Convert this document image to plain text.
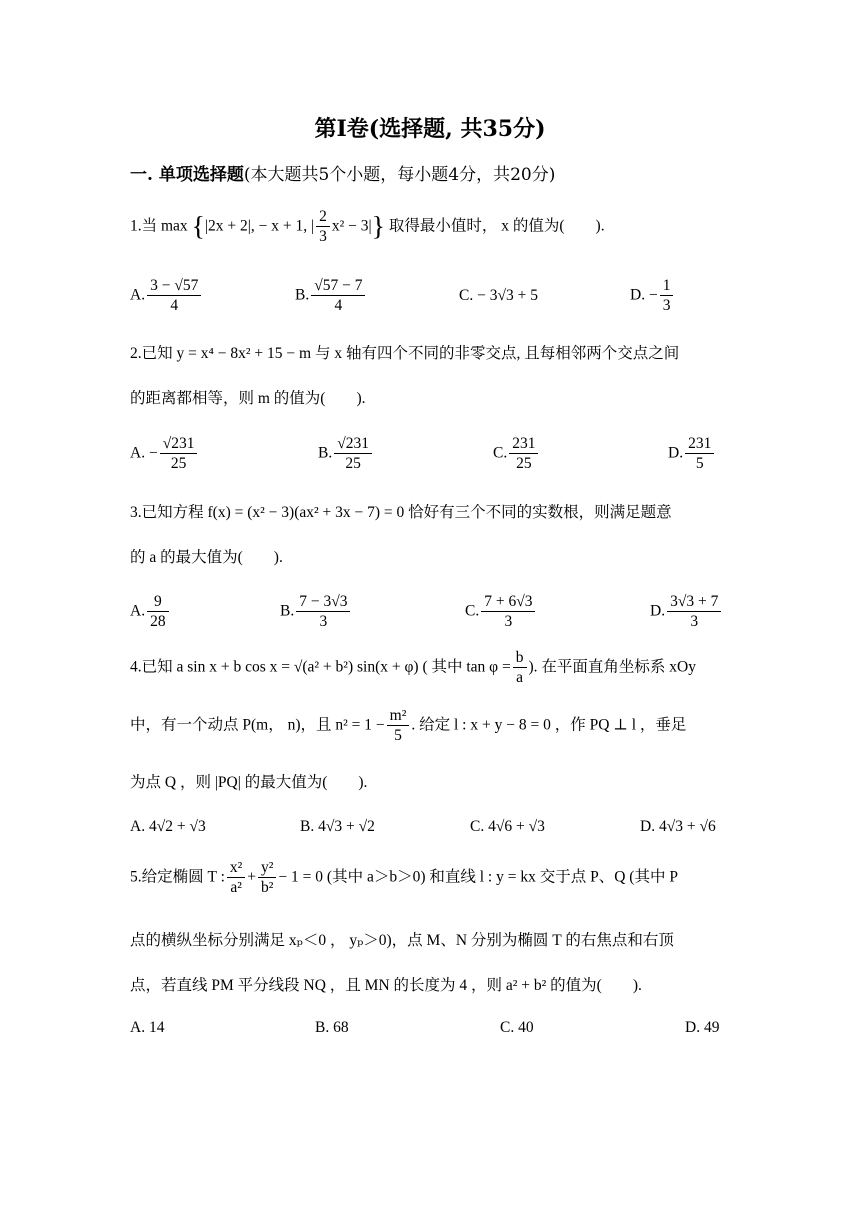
第I卷(选择题, 共35分)
一. 单项选择题(本大题共5个小题，每小题4分，共20分)
1.当 max {|2x + 2|, − x + 1, | $\frac{2}{3} x^2 - 3|$} 取得最小值时， x 的值为(　　).
A. $\frac{3 - √57}{4}$	B. $\frac{√57 - 7}{4}$	C. − 3√3 + 5	D. − $\frac{1}{3}$
2.已知 y = x⁴ − 8x² + 15 − m 与 x 轴有四个不同的非零交点, 且每相邻两个交点之间
的距离都相等，则 m 的值为(　　).
A. − $\frac{√231}{25}$	B. $\frac{√231}{25}$	C. $\frac{231}{25}$	D. $\frac{231}{5}$
3.已知方程 f(x) = (x² − 3)(ax² + 3x − 7) = 0 恰好有三个不同的实数根，则满足题意
的 a 的最大值为(　　).
A. $\frac{9}{28}$	B. $\frac{7 - 3√3}{3}$	C. $\frac{7 + 6√3}{3}$	D. $\frac{3√3 + 7}{3}$
4.已知 a sin x + b cos x = √(a² + b²) sin(x + φ) ( 其中 $\tan \varphi = \frac{b}{a}$ ). 在平面直角坐标系 xOy
中，有一个动点 P(m， n)，且 $n^2 = 1 - \frac{\text{m²}}{5}$ . 给定 l : x + y − 8 = 0 ，作 PQ ⊥ l ，垂足
为点 Q ，则 |PQ| 的最大值为(　　).
A. 4√2 + √3	B. 4√3 + √2	C. 4√6 + √3	D. 4√3 + √6
5.给定椭圆 T : $\frac{\text{x²}}{\text{a²}} + \frac{\text{y²}}{\text{b²}} - 1 = 0$ (其中 a＞b＞0) 和直线 l : y = kx 交于点 P、Q (其中 P
点的横纵坐标分别满足 xₚ＜0 ， yₚ＞0)，点 M、N 分别为椭圆 T 的右焦点和右顶
点，若直线 PM 平分线段 NQ ，且 MN 的长度为 4 ，则 a² + b² 的值为(　　).
A. 14	B. 68	C. 40	D. 49
